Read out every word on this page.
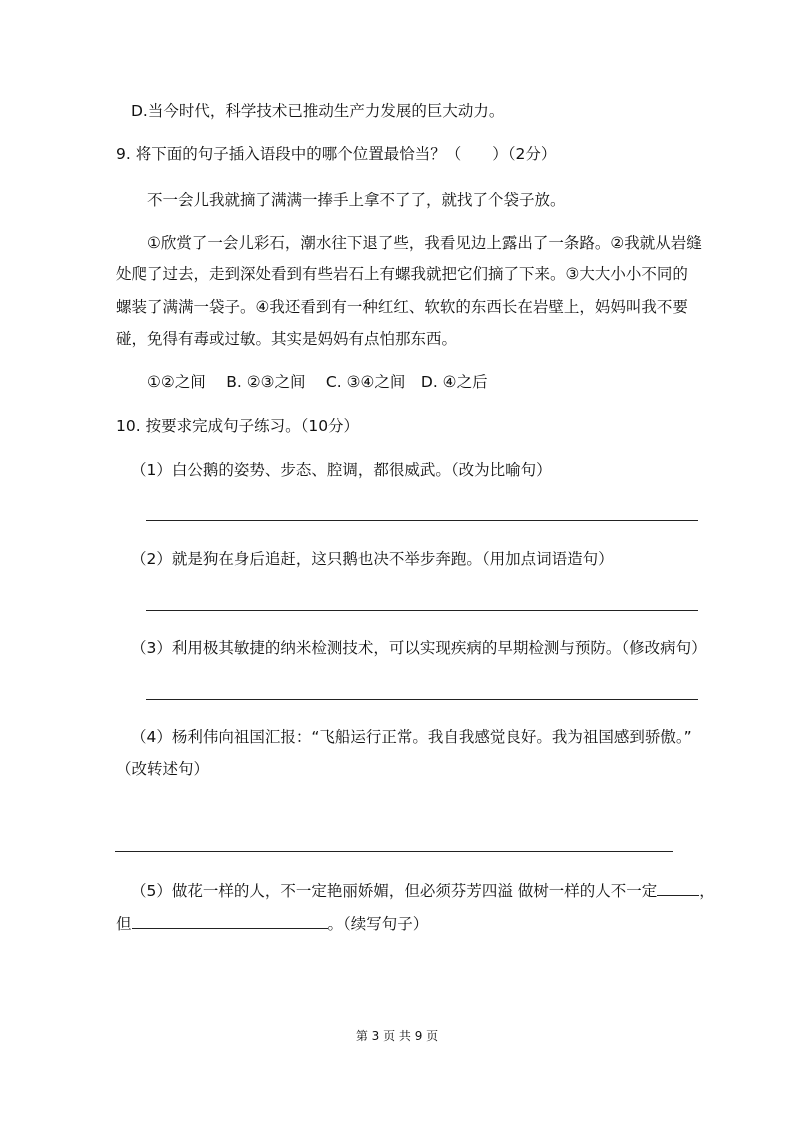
D.当今时代，科学技术已推动生产力发展的巨大动力。
9. 将下面的句子插入语段中的哪个位置最恰当？（　　）（2分）
不一会儿我就摘了满满一捧手上拿不了了，就找了个袋子放。
①欣赏了一会儿彩石，潮水往下退了些，我看见边上露出了一条路。②我就从岩缝
处爬了过去，走到深处看到有些岩石上有螺我就把它们摘了下来。③大大小小不同的
螺装了满满一袋子。④我还看到有一种红红、软软的东西长在岩壁上，妈妈叫我不要
碰，免得有毒或过敏。其实是妈妈有点怕那东西。
①②之间　 B. ②③之间　 C. ③④之间　D. ④之后
10. 按要求完成句子练习。（10分）
（1）白公鹅的姿势、步态、腔调，都很威武。（改为比喻句）
（2）就是狗在身后追赶，这只鹅也决不举步奔跑。（用加点词语造句）
（3）利用极其敏捷的纳米检测技术，可以实现疾病的早期检测与预防。（修改病句）
（4）杨利伟向祖国汇报：“飞船运行正常。我自我感觉良好。我为祖国感到骄傲。”
（改转述句）
（5）做花一样的人，不一定艳丽娇媚，但必须芬芳四溢 做树一样的人不一定	，
但	。（续写句子）
第 3 页 共 9 页
